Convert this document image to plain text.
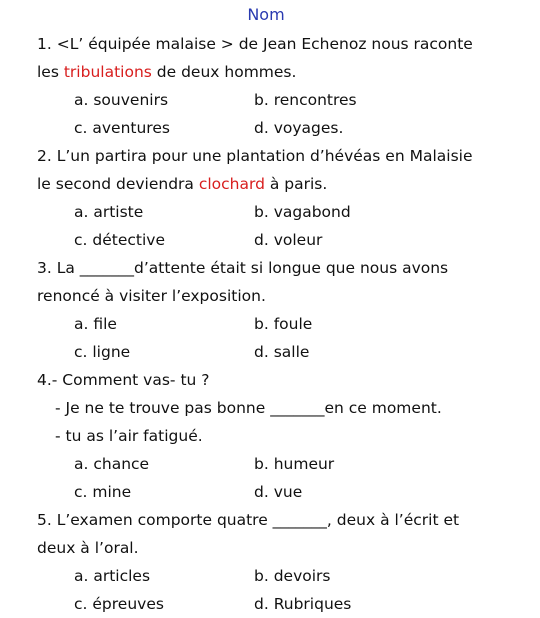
Nom
1. <L’ équipée malaise > de Jean Echenoz nous raconte
les tribulations de deux hommes.
a. souvenirs	b. rencontres
c. aventures	d. voyages.
2. L’un partira pour une plantation d’hévéas en Malaisie
le second deviendra clochard à paris.
a. artiste	b. vagabond
c. détective	d. voleur
3. La _______d’attente était si longue que nous avons
renoncé à visiter l’exposition.
a. file	b. foule
c. ligne	d. salle
4.- Comment vas- tu ?
- Je ne te trouve pas bonne _______en ce moment.
- tu as l’air fatigué.
a. chance	b. humeur
c. mine	d. vue
5. L’examen comporte quatre _______, deux à l’écrit et
deux à l’oral.
a. articles	b. devoirs
c. épreuves	d. Rubriques
